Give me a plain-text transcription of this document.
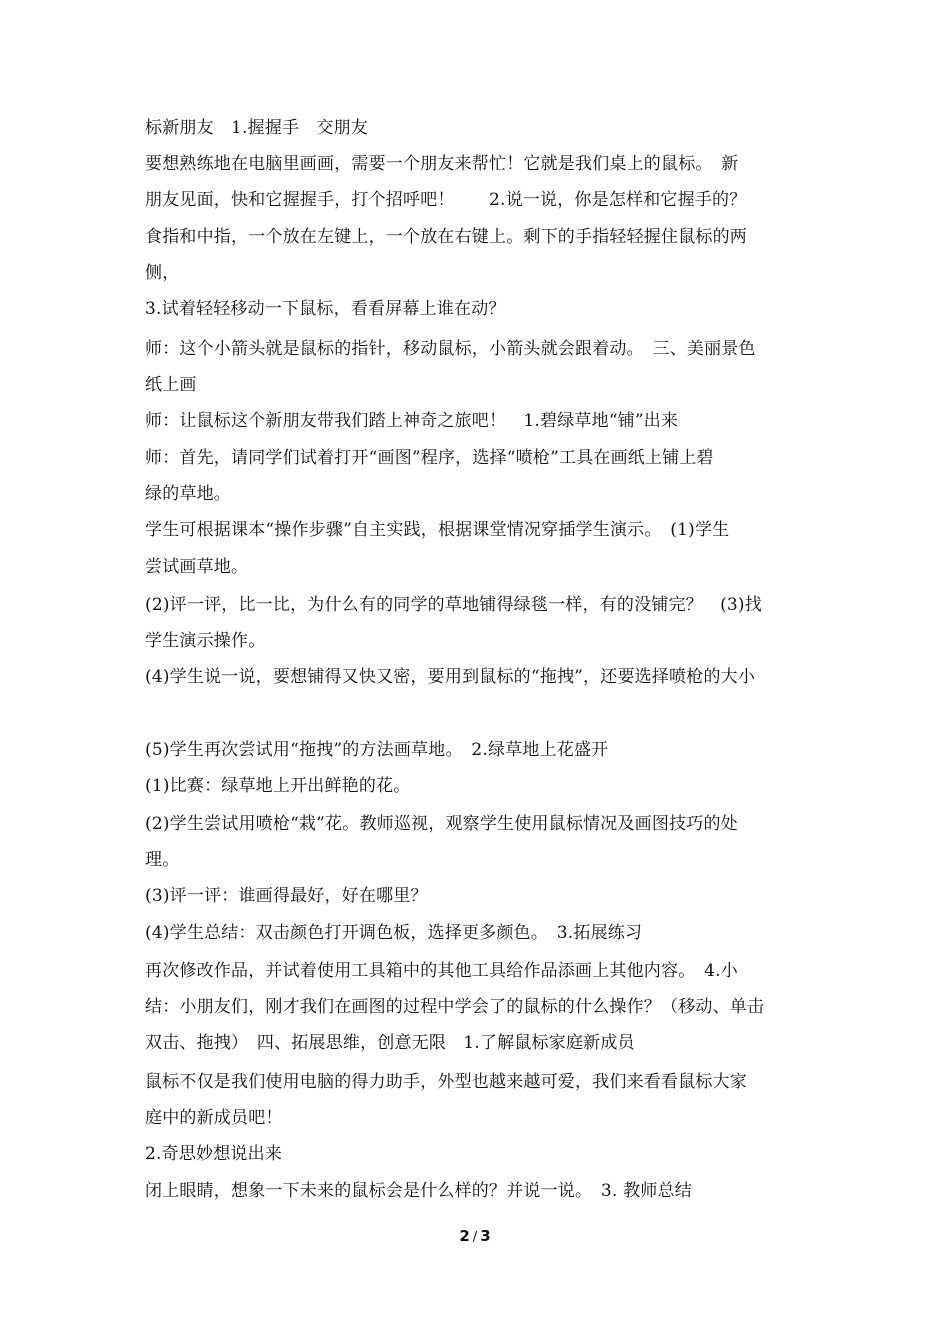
标新朋友　1.握握手　交朋友
要想熟练地在电脑里画画，需要一个朋友来帮忙！它就是我们桌上的鼠标。　新
朋友见面，快和它握握手，打个招呼吧！　　2.说一说，你是怎样和它握手的？
食指和中指，一个放在左键上，一个放在右键上。剩下的手指轻轻握住鼠标的两
侧，
3.试着轻轻移动一下鼠标，看看屏幕上谁在动？
师：这个小箭头就是鼠标的指针，移动鼠标，小箭头就会跟着动。　三、美丽景色
纸上画
师：让鼠标这个新朋友带我们踏上神奇之旅吧！　1.碧绿草地“铺”出来
师：首先，请同学们试着打开“画图”程序，选择“喷枪”工具在画纸上铺上碧
绿的草地。
学生可根据课本“操作步骤”自主实践，根据课堂情况穿插学生演示。　(1)学生
尝试画草地。
(2)评一评，比一比，为什么有的同学的草地铺得绿毯一样，有的没铺完？　(3)找
学生演示操作。
(4)学生说一说，要想铺得又快又密，要用到鼠标的“拖拽”，还要选择喷枪的大小
(5)学生再次尝试用“拖拽”的方法画草地。　2.绿草地上花盛开
(1)比赛：绿草地上开出鲜艳的花。
(2)学生尝试用喷枪“栽”花。教师巡视，观察学生使用鼠标情况及画图技巧的处
理。
(3)评一评：谁画得最好，好在哪里？
(4)学生总结：双击颜色打开调色板，选择更多颜色。　3.拓展练习
再次修改作品，并试着使用工具箱中的其他工具给作品添画上其他内容。　4.小
结：小朋友们，刚才我们在画图的过程中学会了的鼠标的什么操作？（移动、单击
双击、拖拽）　四、拓展思维，创意无限　1.了解鼠标家庭新成员
鼠标不仅是我们使用电脑的得力助手，外型也越来越可爱，我们来看看鼠标大家
庭中的新成员吧！
2.奇思妙想说出来
闭上眼睛，想象一下未来的鼠标会是什么样的？并说一说。　3. 教师总结
2 / 3
